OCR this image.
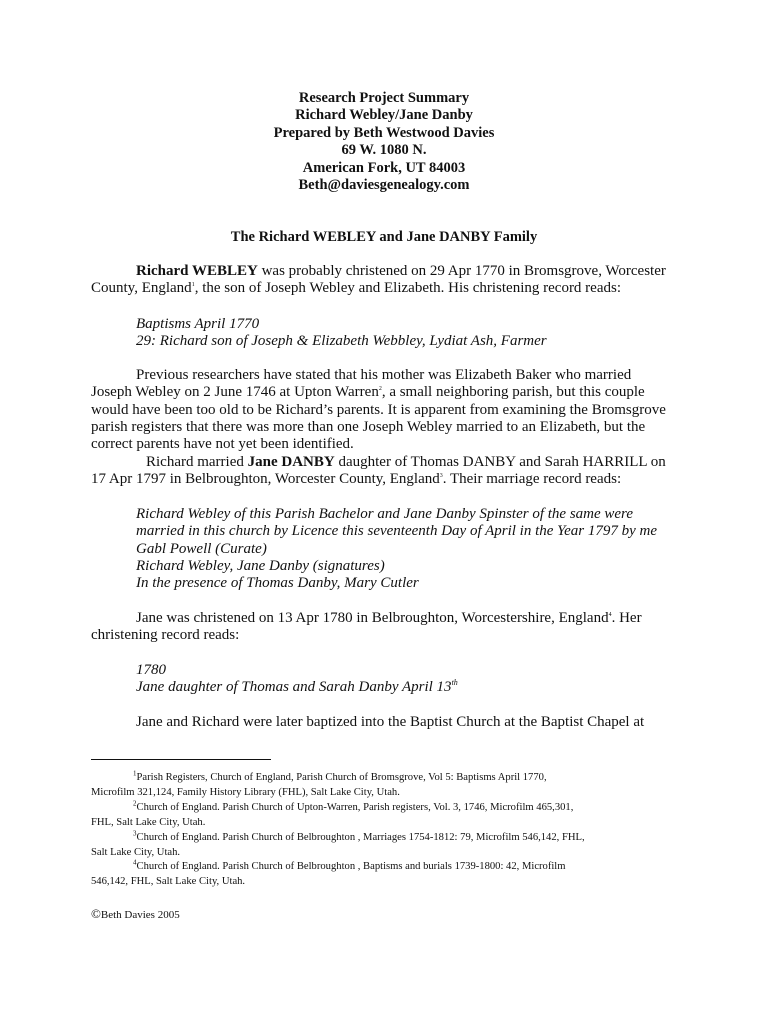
Research Project Summary
Richard Webley/Jane Danby
Prepared by Beth Westwood Davies
69 W. 1080 N.
American Fork, UT 84003
Beth@daviesgenealogy.com
The Richard WEBLEY and Jane DANBY Family
Richard WEBLEY was probably christened on 29 Apr 1770 in Bromsgrove, Worcester
County, England$^1$, the son of Joseph Webley and Elizabeth. His christening record reads:
Baptisms April 1770
29: Richard son of Joseph & Elizabeth Webbley, Lydiat Ash, Farmer
Previous researchers have stated that his mother was Elizabeth Baker who married
Joseph Webley on 2 June 1746 at Upton Warren$^2$, a small neighboring parish, but this couple
would have been too old to be Richard’s parents. It is apparent from examining the Bromsgrove
parish registers that there was more than one Joseph Webley married to an Elizabeth, but the
correct parents have not yet been identified.
Richard married Jane DANBY daughter of Thomas DANBY and Sarah HARRILL on
17 Apr 1797 in Belbroughton, Worcester County, England$^3$. Their marriage record reads:
Richard Webley of this Parish Bachelor and Jane Danby Spinster of the same were
married in this church by Licence this seventeenth Day of April in the Year 1797 by me
Gabl Powell (Curate)
Richard Webley, Jane Danby (signatures)
In the presence of Thomas Danby, Mary Cutler
Jane was christened on 13 Apr 1780 in Belbroughton, Worcestershire, England$^4$. Her
christening record reads:
1780
Jane daughter of Thomas and Sarah Danby April 13th
Jane and Richard were later baptized into the Baptist Church at the Baptist Chapel at
$^1$Parish Registers, Church of England, Parish Church of Bromsgrove, Vol 5: Baptisms April 1770,
Microfilm 321,124, Family History Library (FHL), Salt Lake City, Utah.
$^2$Church of England. Parish Church of Upton-Warren, Parish registers, Vol. 3, 1746, Microfilm 465,301,
FHL, Salt Lake City, Utah.
$^3$Church of England. Parish Church of Belbroughton , Marriages 1754-1812: 79, Microfilm 546,142, FHL,
Salt Lake City, Utah.
$^4$Church of England. Parish Church of Belbroughton , Baptisms and burials 1739-1800: 42, Microfilm
546,142, FHL, Salt Lake City, Utah.
©Beth Davies 2005
